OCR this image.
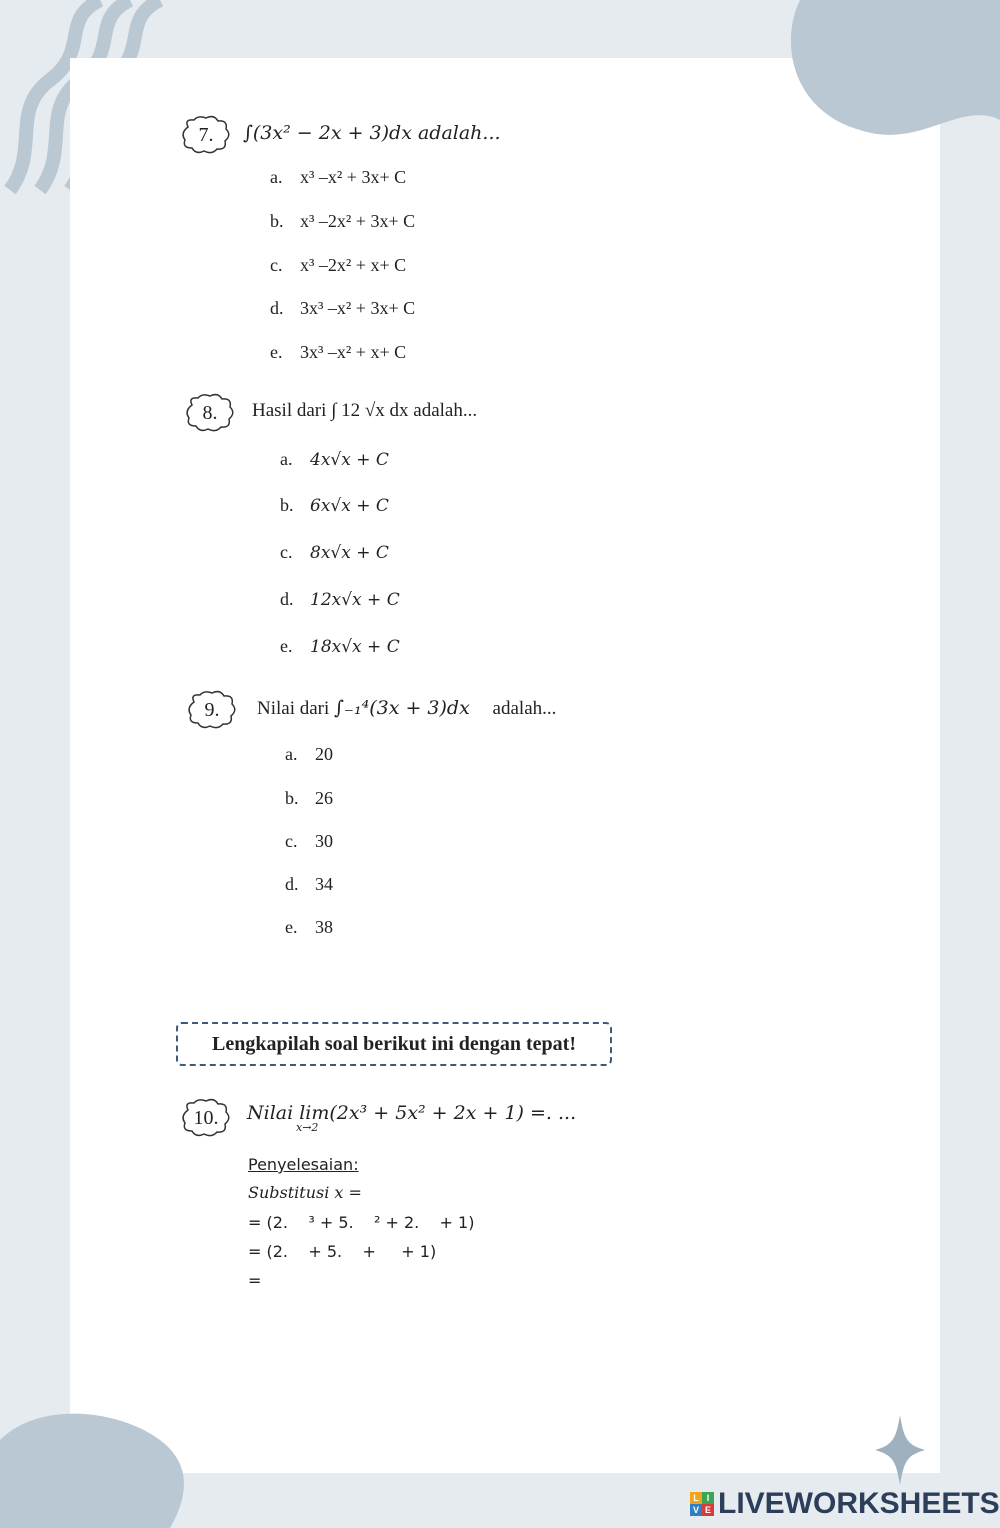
7.	∫(3x² − 2x + 3)dx adalah...
a. x³ –x² + 3x+ C
b. x³ –2x² + 3x+ C
c. x³ –2x² + x+ C
d. 3x³ –x² + 3x+ C
e. 3x³ –x² + x+ C
8.	Hasil dari ∫ 12 √x dx adalah...
a. 4x√x + C
b. 6x√x + C
c. 8x√x + C
d. 12x√x + C
e. 18x√x + C
9.	Nilai dari ∫₋₁⁴(3x + 3)dx adalah...
a. 20
b. 26
c. 30
d. 34
e. 38
Lengkapilah soal berikut ini dengan tepat!
10.	Nilai lim(2x³ + 5x² + 2x + 1) =. ...
x→2
Penyelesaian:
Substitusi x =
= (2.    ³ + 5.    ² + 2.    + 1)
= (2.    + 5.    +     + 1)
=
L I
V E LIVEWORKSHEETS
